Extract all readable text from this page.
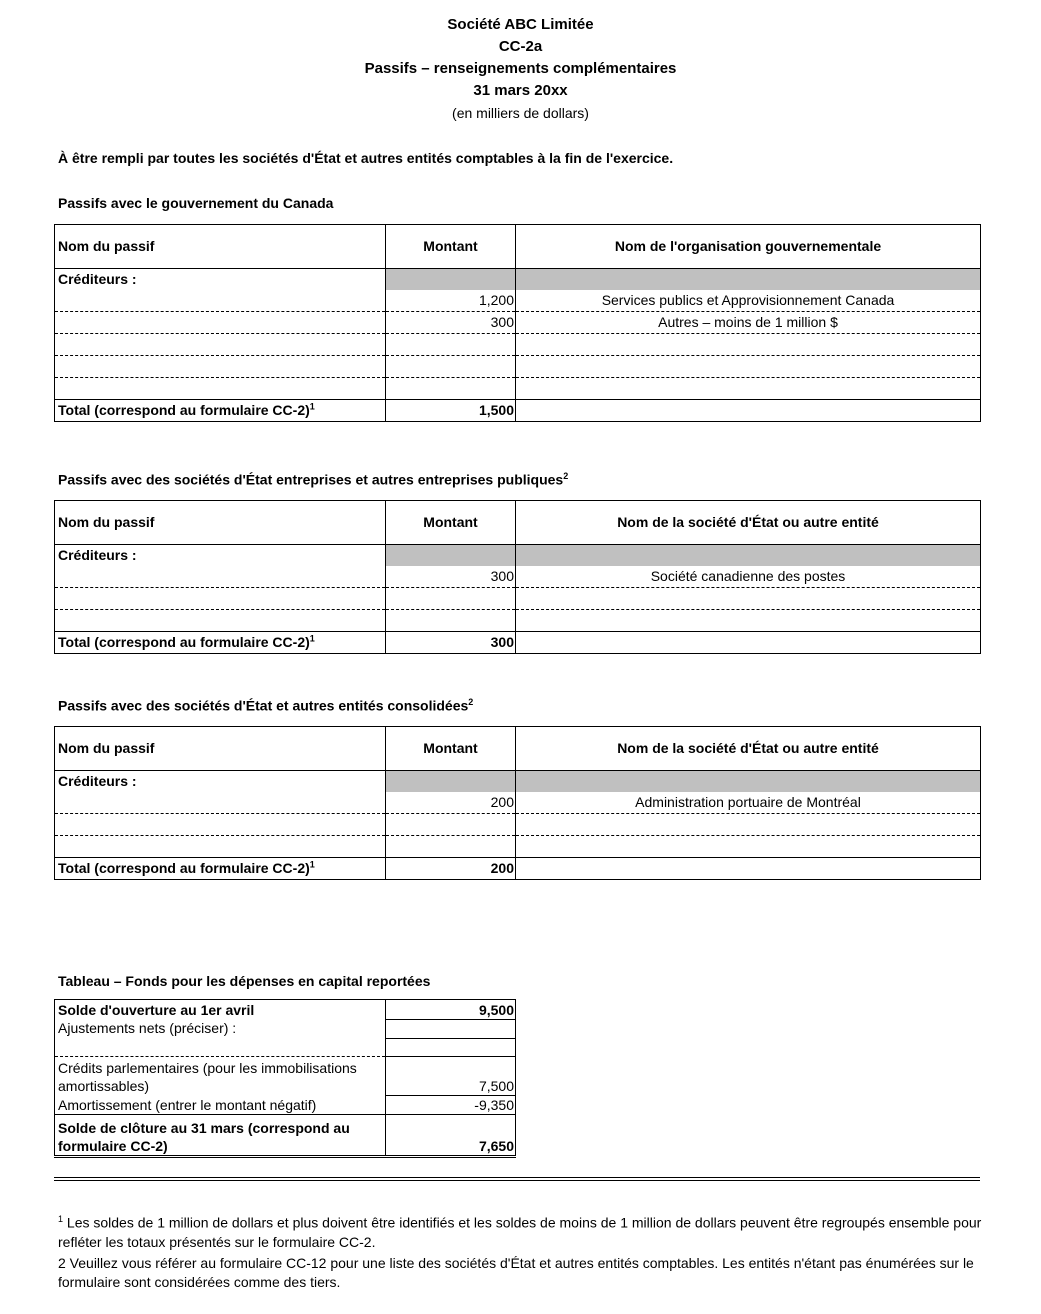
Société ABC Limitée
CC-2a
Passifs – renseignements complémentaires
31 mars 20xx
(en milliers de dollars)
À être rempli par toutes les sociétés d'État et autres entités comptables à la fin de l'exercice.
Passifs avec le gouvernement du Canada
Nom du passif	Montant	Nom de l'organisation gouvernementale
Créditeurs :		
	1,200	Services publics et Approvisionnement Canada
	300	Autres – moins de 1 million $

Total (correspond au formulaire CC-2)$^1$	1,500	
Passifs avec des sociétés d'État entreprises et autres entreprises publiques$^2$
Nom du passif	Montant	Nom de la société d'État ou autre entité
Créditeurs :		
	300	Société canadienne des postes

Total (correspond au formulaire CC-2)$^1$	300	
Passifs avec des sociétés d'État et autres entités consolidées$^2$
Nom du passif	Montant	Nom de la société d'État ou autre entité
Créditeurs :		
	200	Administration portuaire de Montréal

Total (correspond au formulaire CC-2)$^1$	200	
Tableau – Fonds pour les dépenses en capital reportées
Solde d'ouverture au 1er avril	9,500
Ajustements nets (préciser) :	

Crédits parlementaires (pour les immobilisations amortissables)	7,500
Amortissement (entrer le montant négatif)	-9,350
Solde de clôture au 31 mars (correspond au formulaire CC-2)	7,650

$^1$ Les soldes de 1 million de dollars et plus doivent être identifiés et les soldes de moins de 1 million de dollars peuvent être regroupés ensemble pour refléter les totaux présentés sur le formulaire CC-2.

2 Veuillez vous référer au formulaire CC-12 pour une liste des sociétés d'État et autres entités comptables. Les entités n'étant pas énumérées sur le formulaire sont considérées comme des tiers.
